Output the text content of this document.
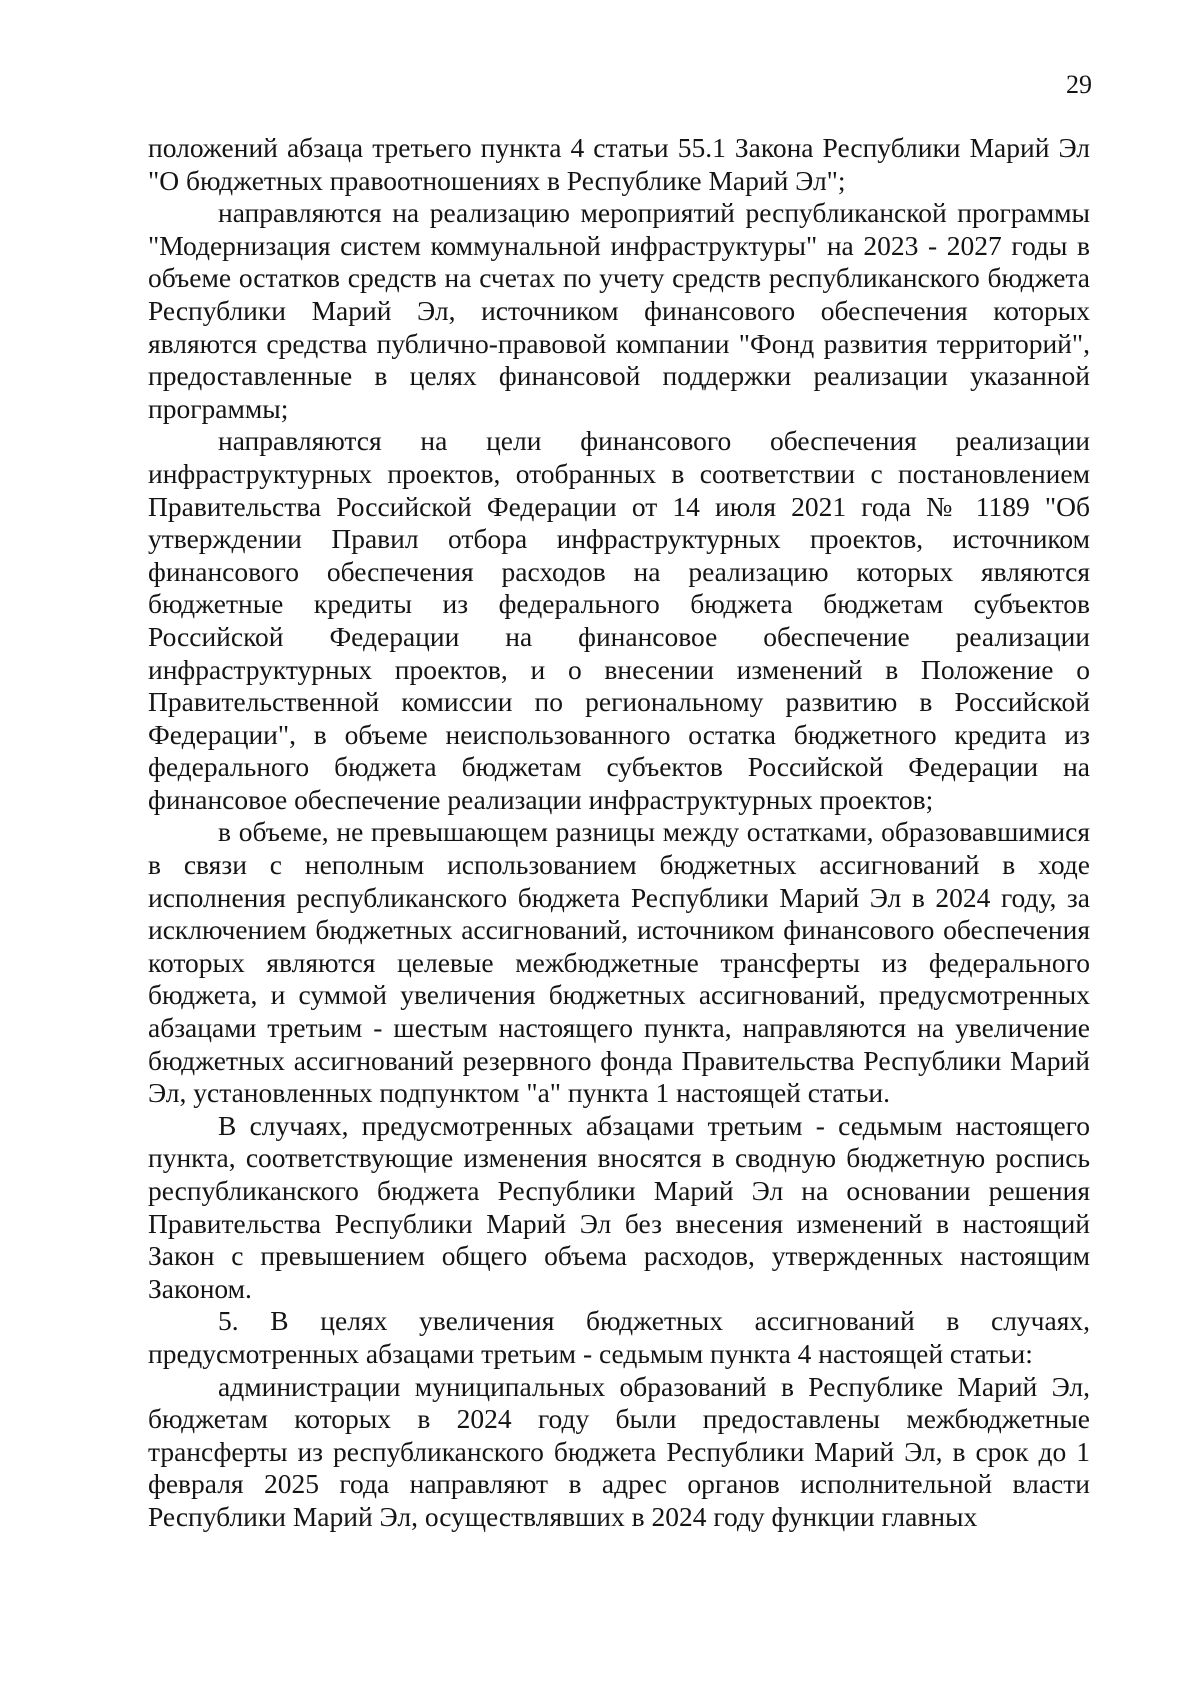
29

положений абзаца третьего пункта 4 статьи 55.1 Закона Республики Марий Эл "О бюджетных правоотношениях в Республике Марий Эл";

направляются на реализацию мероприятий республиканской программы "Модернизация систем коммунальной инфраструктуры" на 2023 - 2027 годы в объеме остатков средств на счетах по учету средств республиканского бюджета Республики Марий Эл, источником финансового обеспечения которых являются средства публично-правовой компании "Фонд развития территорий", предоставленные в целях финансовой поддержки реализации указанной программы;

направляются на цели финансового обеспечения реализации инфраструктурных проектов, отобранных в соответствии с постановлением Правительства Российской Федерации от 14 июля 2021 года № 1189 "Об утверждении Правил отбора инфраструктурных проектов, источником финансового обеспечения расходов на реализацию которых являются бюджетные кредиты из федерального бюджета бюджетам субъектов Российской Федерации на финансовое обеспечение реализации инфраструктурных проектов, и о внесении изменений в Положение о Правительственной комиссии по региональному развитию в Российской Федерации", в объеме неиспользованного остатка бюджетного кредита из федерального бюджета бюджетам субъектов Российской Федерации на финансовое обеспечение реализации инфраструктурных проектов;

в объеме, не превышающем разницы между остатками, образовавшимися в связи с неполным использованием бюджетных ассигнований в ходе исполнения республиканского бюджета Республики Марий Эл в 2024 году, за исключением бюджетных ассигнований, источником финансового обеспечения которых являются целевые межбюджетные трансферты из федерального бюджета, и суммой увеличения бюджетных ассигнований, предусмотренных абзацами третьим - шестым настоящего пункта, направляются на увеличение бюджетных ассигнований резервного фонда Правительства Республики Марий Эл, установленных подпунктом "а" пункта 1 настоящей статьи.

В случаях, предусмотренных абзацами третьим - седьмым настоящего пункта, соответствующие изменения вносятся в сводную бюджетную роспись республиканского бюджета Республики Марий Эл на основании решения Правительства Республики Марий Эл без внесения изменений в настоящий Закон с превышением общего объема расходов, утвержденных настоящим Законом.

5. В целях увеличения бюджетных ассигнований в случаях, предусмотренных абзацами третьим - седьмым пункта 4 настоящей статьи:

администрации муниципальных образований в Республике Марий Эл, бюджетам которых в 2024 году были предоставлены межбюджетные трансферты из республиканского бюджета Республики Марий Эл, в срок до 1 февраля 2025 года направляют в адрес органов исполнительной власти Республики Марий Эл, осуществлявших в 2024 году функции главных
